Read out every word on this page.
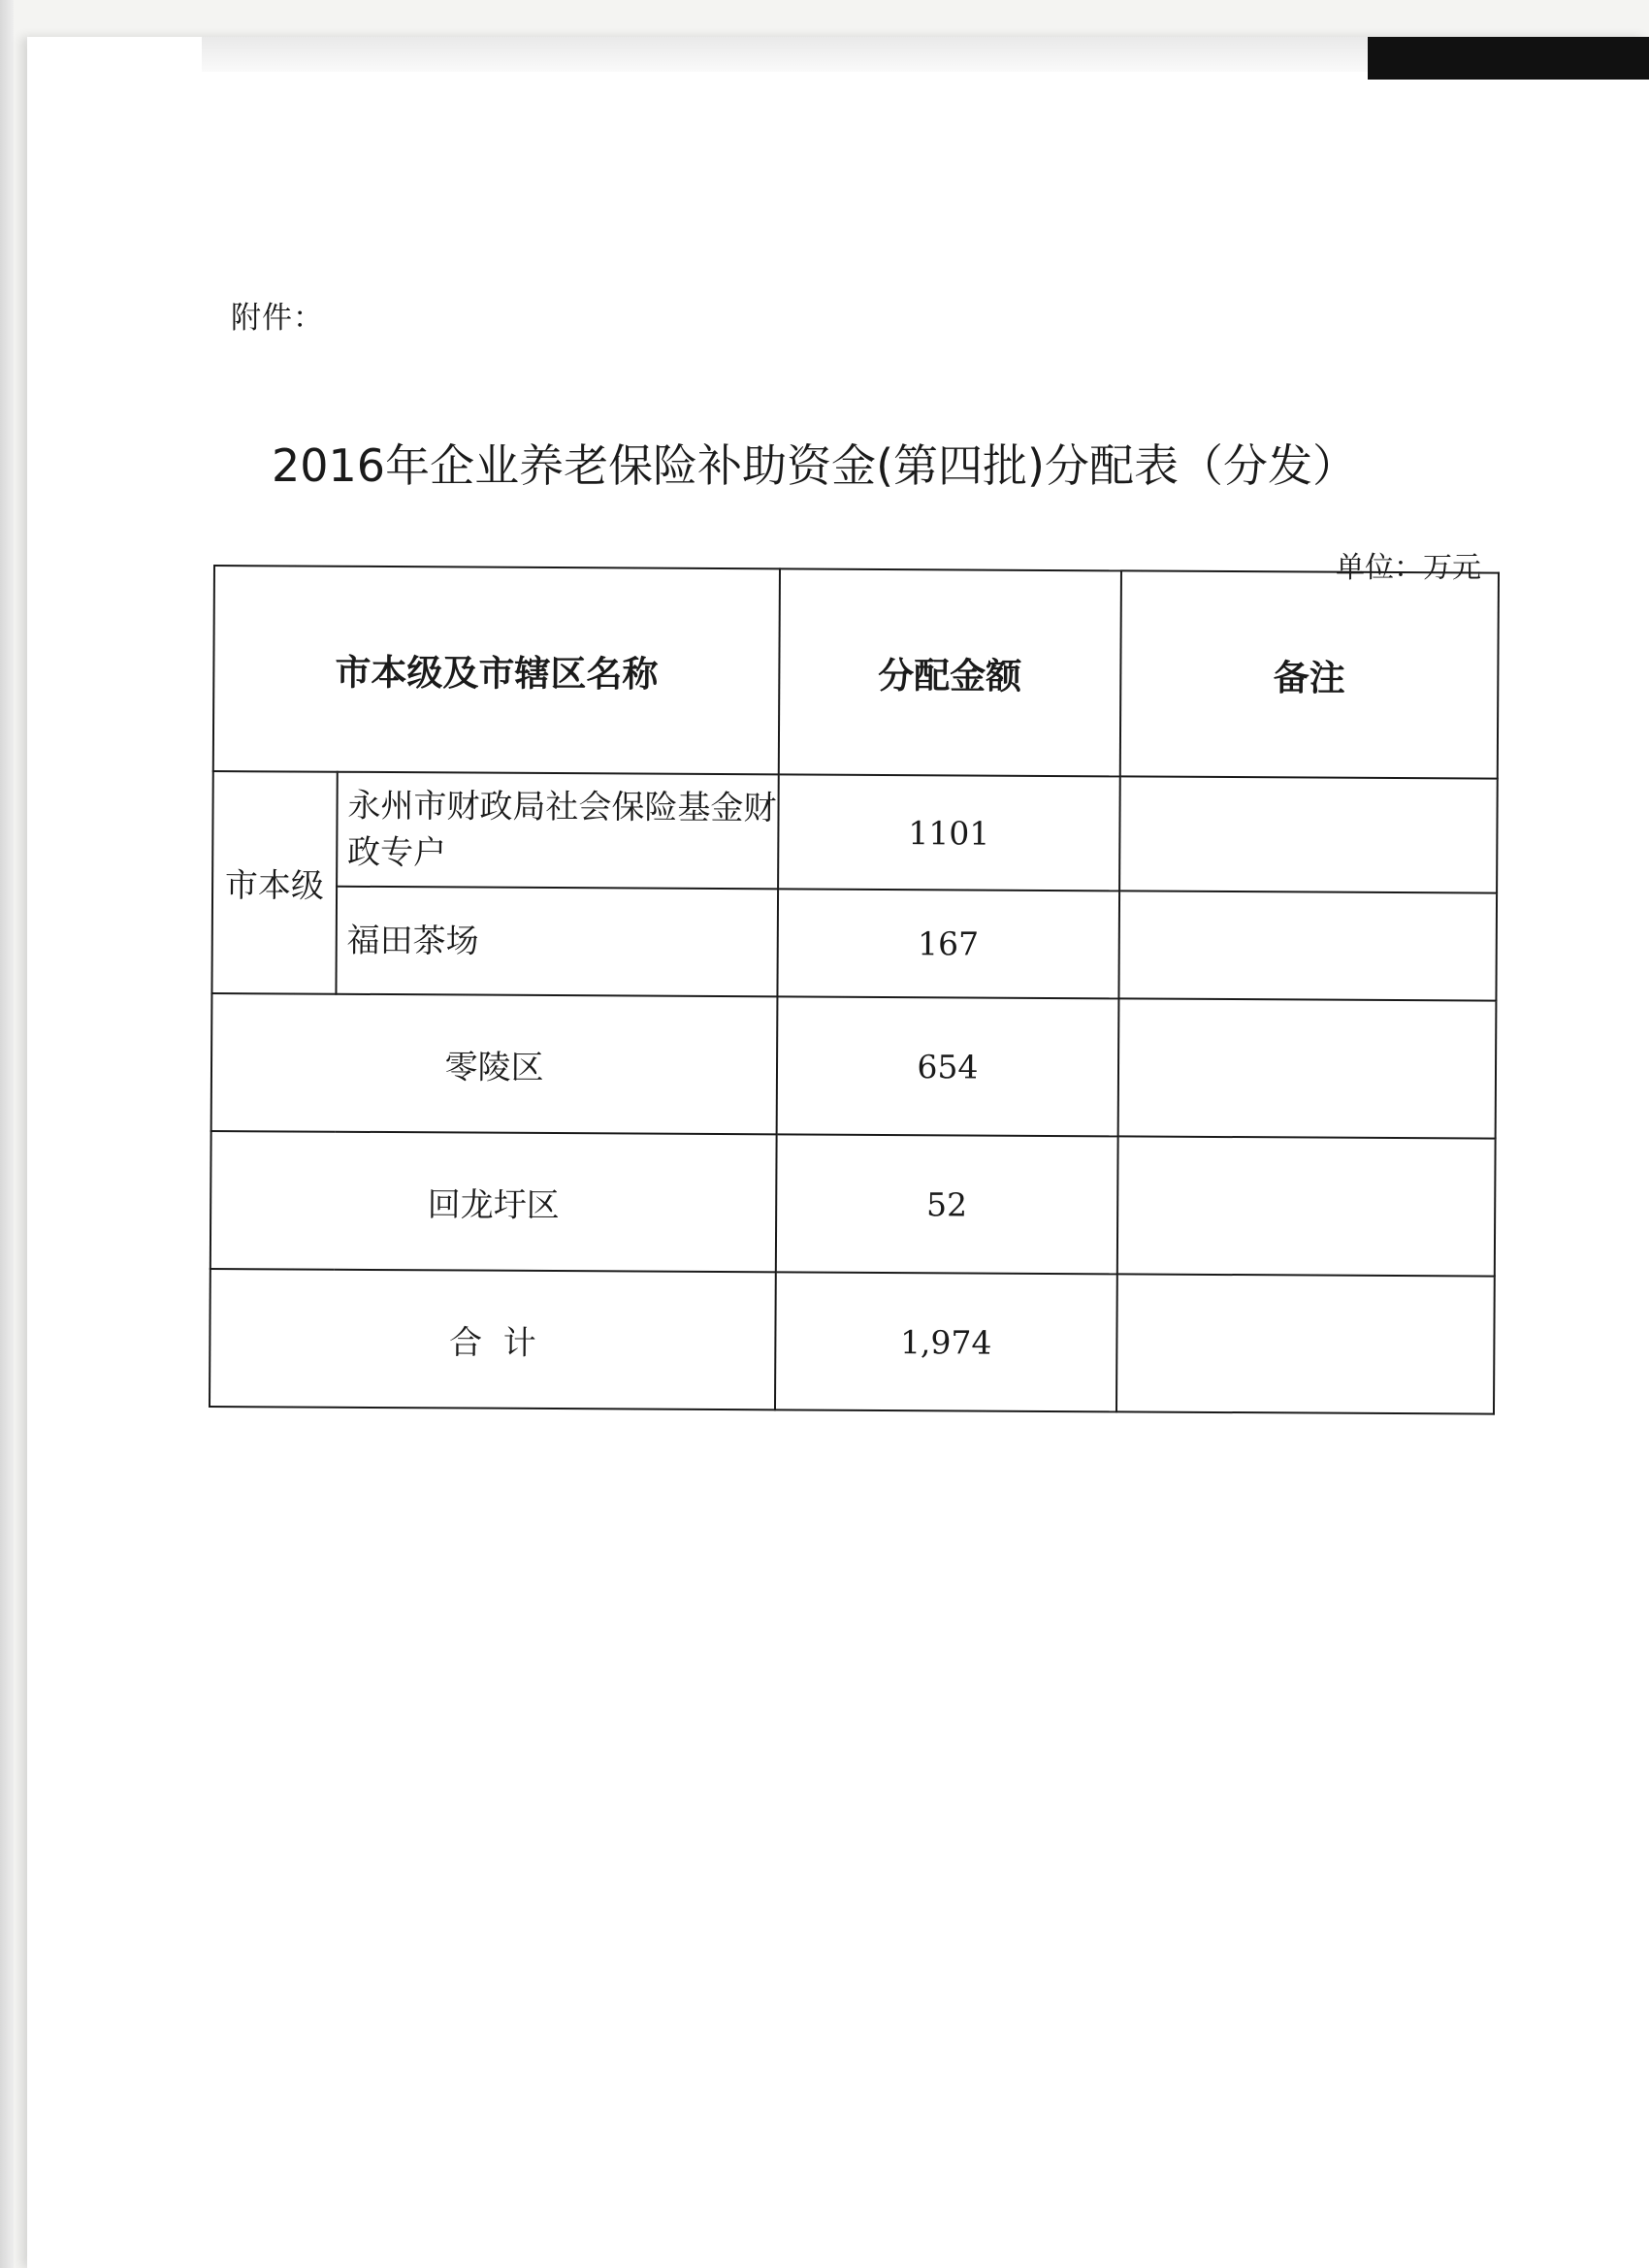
附件：
2016年企业养老保险补助资金(第四批)分配表（分发）
单位：万元
市本级及市辖区名称		分配金额	备注
市本级	永州市财政局社会保险基金财政专户	1101	
	福田茶场	167	
零陵区		654	
回龙圩区		52	
合  计		1,974	
